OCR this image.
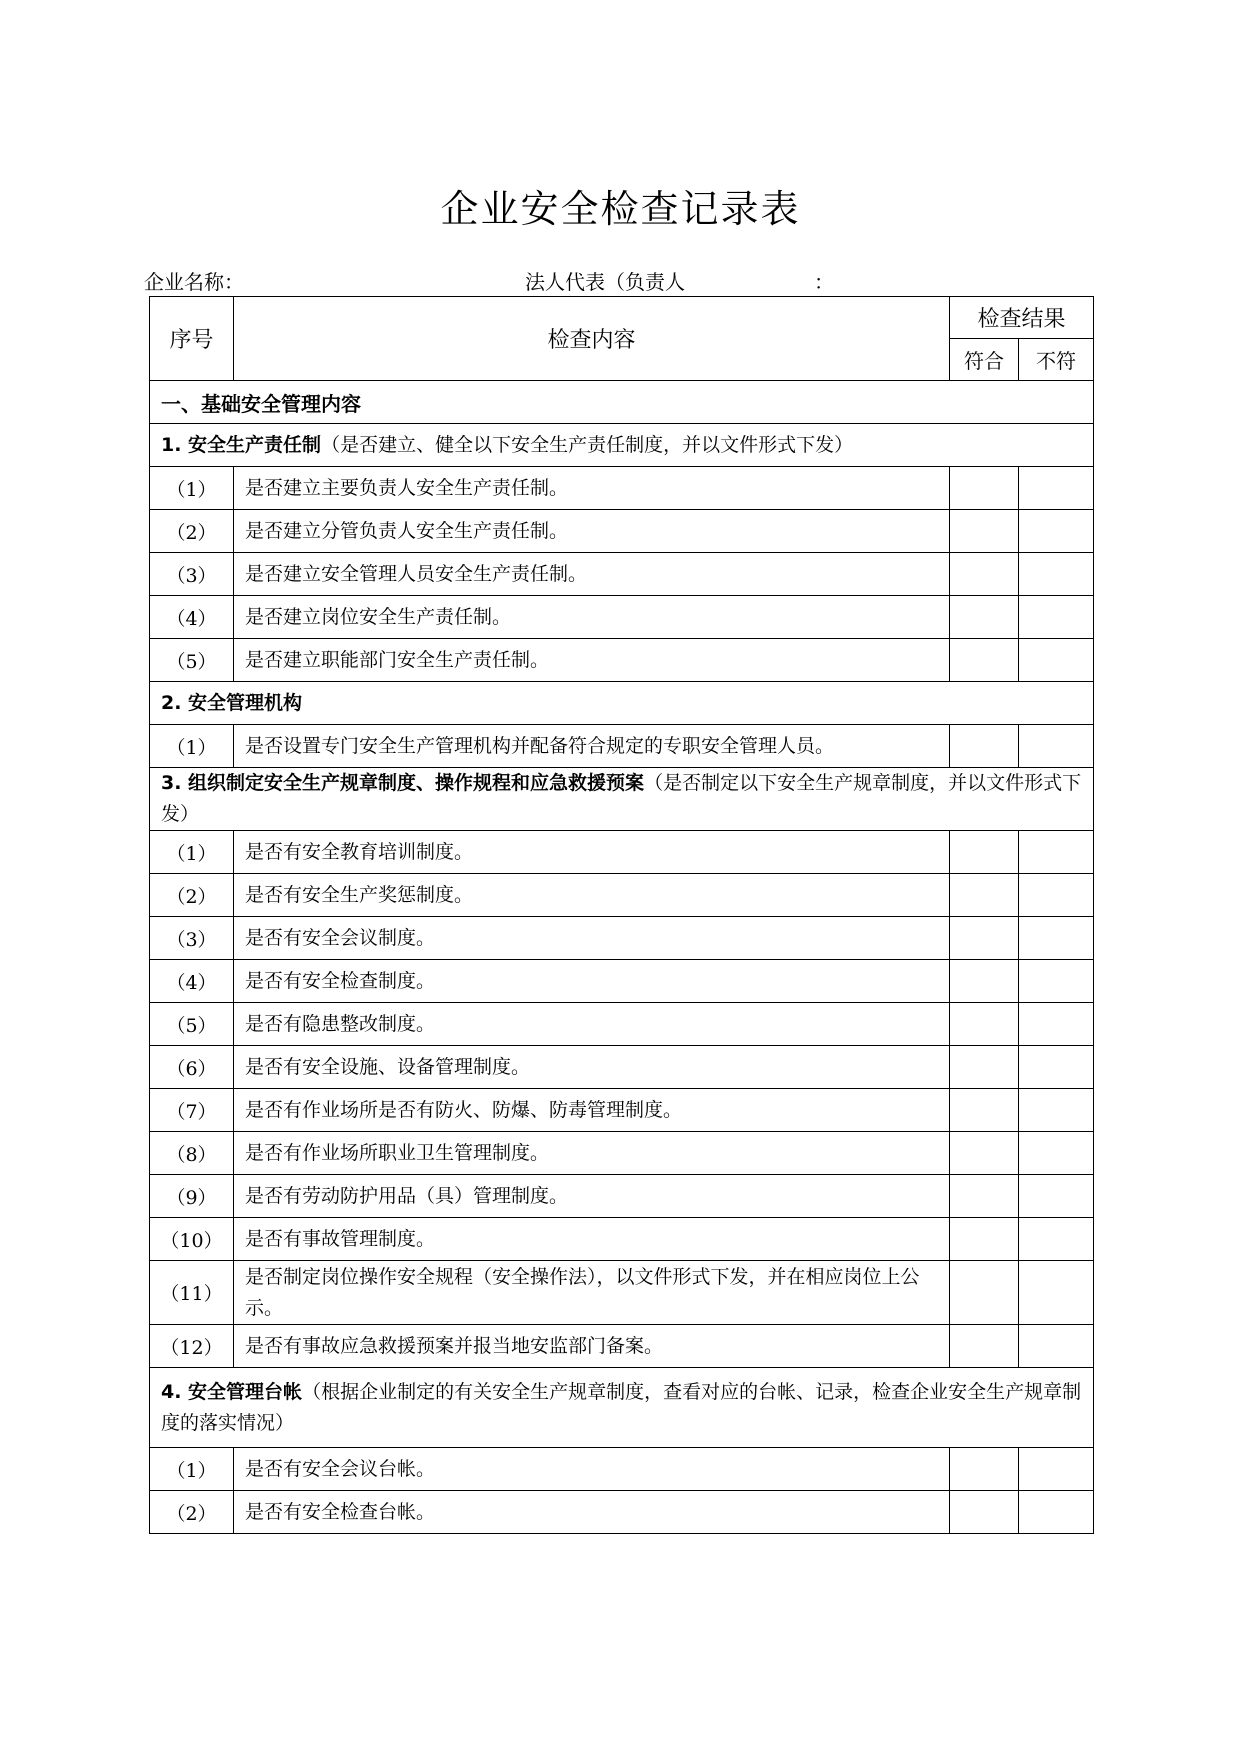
企业安全检查记录表
企业名称：	法人代表（负责人	：
序号	检查内容	检查结果	
		符合	不符
一、基础安全管理内容			
1. 安全生产责任制（是否建立、健全以下安全生产责任制度，并以文件形式下发）			
（1）	是否建立主要负责人安全生产责任制。		
（2）	是否建立分管负责人安全生产责任制。		
（3）	是否建立安全管理人员安全生产责任制。		
（4）	是否建立岗位安全生产责任制。		
（5）	是否建立职能部门安全生产责任制。		
2. 安全管理机构			
（1）	是否设置专门安全生产管理机构并配备符合规定的专职安全管理人员。		
3. 组织制定安全生产规章制度、操作规程和应急救援预案（是否制定以下安全生产规章制度，并以文件形式下发）			
（1）	是否有安全教育培训制度。		
（2）	是否有安全生产奖惩制度。		
（3）	是否有安全会议制度。		
（4）	是否有安全检查制度。		
（5）	是否有隐患整改制度。		
（6）	是否有安全设施、设备管理制度。		
（7）	是否有作业场所是否有防火、防爆、防毒管理制度。		
（8）	是否有作业场所职业卫生管理制度。		
（9）	是否有劳动防护用品（具）管理制度。		
（10）	是否有事故管理制度。		
（11）	是否制定岗位操作安全规程（安全操作法），以文件形式下发，并在相应岗位上公示。		
（12）	是否有事故应急救援预案并报当地安监部门备案。		
4. 安全管理台帐（根据企业制定的有关安全生产规章制度，查看对应的台帐、记录，检查企业安全生产规章制度的落实情况）			
（1）	是否有安全会议台帐。		
（2）	是否有安全检查台帐。		
